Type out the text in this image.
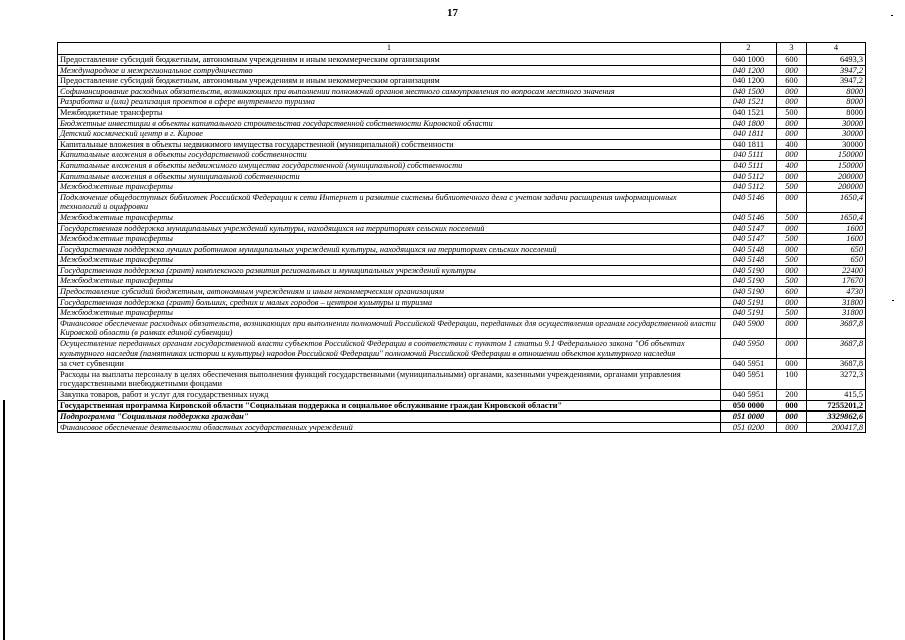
17
1	2	3	4
Предоставление субсидий бюджетным, автономным учреждениям и иным некоммерческим организациям	040 1000	600	6493,3
Международное и межрегиональное сотрудничество	040 1200	000	3947,2
Предоставление субсидий бюджетным, автономным учреждениям и иным некоммерческим организациям	040 1200	600	3947,2
Софинансирование расходных обязательств, возникающих при выполнении полномочий органов местного самоуправления по вопросам местного значения	040 1500	000	8000
Разработка и (или) реализация проектов в сфере внутреннего туризма	040 1521	000	8000
Межбюджетные трансферты	040 1521	500	8000
Бюджетные инвестиции в объекты капитального строительства государственной собственности Кировской области	040 1800	000	30000
Детский космический центр в г. Кирове	040 1811	000	30000
Капитальные вложения в объекты недвижимого имущества государственной (муниципальной) собственности	040 1811	400	30000
Капитальные вложения в объекты государственной собственности	040 5111	000	150000
Капитальные вложения в объекты недвижимого имущества государственной (муниципальной) собственности	040 5111	400	150000
Капитальные вложения в объекты муниципальной собственности	040 5112	000	200000
Межбюджетные трансферты	040 5112	500	200000
Подключение общедоступных библиотек Российской Федерации к сети Интернет и развитие системы библиотечного дела с учетом задачи расширения информационных технологий и оцифровки	040 5146	000	1650,4
Межбюджетные трансферты	040 5146	500	1650,4
Государственная поддержка муниципальных учреждений культуры, находящихся на территориях сельских поселений	040 5147	000	1600
Межбюджетные трансферты	040 5147	500	1600
Государственная поддержка лучших работников муниципальных учреждений культуры, находящихся на территориях сельских поселений	040 5148	000	650
Межбюджетные трансферты	040 5148	500	650
Государственная поддержка (грант) комплексного развития региональных и муниципальных учреждений культуры	040 5190	000	22400
Межбюджетные трансферты	040 5190	500	17670
Предоставление субсидий бюджетным, автономным учреждениям и иным некоммерческим организациям	040 5190	600	4730
Государственная поддержка (грант) больших, средних и малых городов – центров культуры и туризма	040 5191	000	31800
Межбюджетные трансферты	040 5191	500	31800
Финансовое обеспечение расходных обязательств, возникающих при выполнении полномочий Российской Федерации, переданных для осуществления органам государственной власти Кировской области (в рамках единой субвенции)	040 5900	000	3687,8
Осуществление переданных органам государственной власти субъектов Российской Федерации в соответствии с пунктом 1 статьи 9.1 Федерального закона "Об объектах культурного наследия (памятниках истории и культуры) народов Российской Федерации" полномочий Российской Федерации в отношении объектов культурного наследия	040 5950	000	3687,8
за счет субвенции	040 5951	000	3687,8
Расходы на выплаты персоналу в целях обеспечения выполнения функций государственными (муниципальными) органами, казенными учреждениями, органами управления государственными внебюджетными фондами	040 5951	100	3272,3
Закупка товаров, работ и услуг для государственных нужд	040 5951	200	415,5
Государственная программа Кировской области "Социальная поддержка и социальное обслуживание граждан Кировской области"	050 0000	000	7255201,2
Подпрограмма "Социальная поддержка граждан"	051 0000	000	3329862,6
Финансовое обеспечение деятельности областных государственных учреждений	051 0200	000	200417,8
